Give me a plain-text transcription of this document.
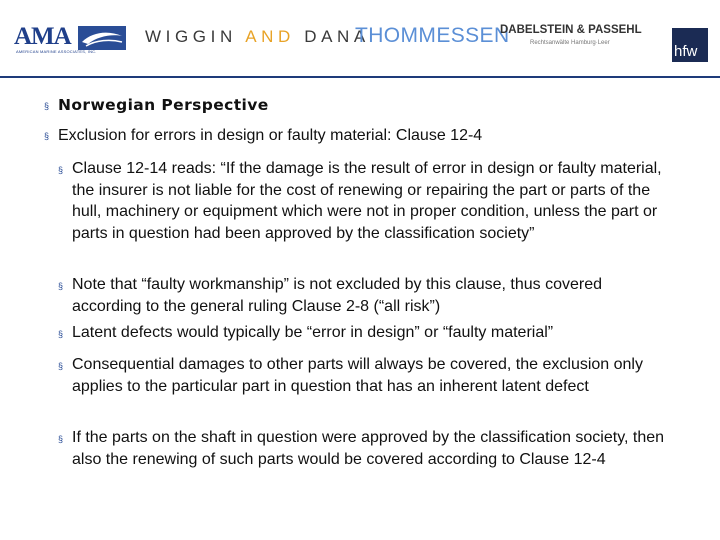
AMA
AMERICAN MARINE ASSOCIATES, INC.
WIGGIN AND DANA
THOMMESSEN
DABELSTEIN & PASSEHL
Rechtsanwälte Hamburg·Leer	hfw
§ Norwegian Perspective
§ Exclusion for errors in design or faulty material: Clause 12-4
§ Clause 12-14 reads: “If the damage is the result of error in design or faulty material, the insurer is not liable for the cost of renewing or repairing the part or parts of the hull, machinery or equipment which were not in proper condition, unless the part or parts in question had been approved by the classification society”
§ Note that “faulty workmanship” is not excluded by this clause, thus covered according to the general ruling Clause 2-8 (“all risk”)
§ Latent defects would typically be “error in design” or “faulty material”
§ Consequential damages to other parts will always be covered, the exclusion only applies to the particular part in question that has an inherent latent defect
§ If the parts on the shaft in question were approved by the classification society, then also the renewing of such parts would be covered according to Clause 12-4
